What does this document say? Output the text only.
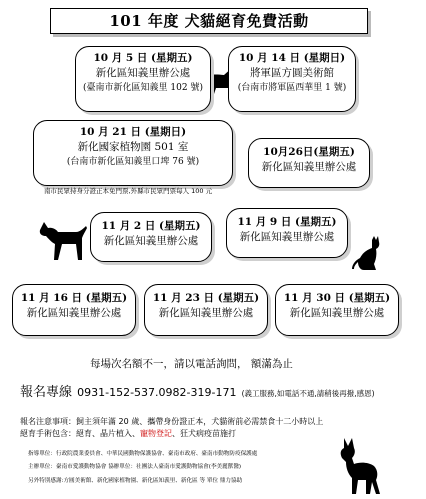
101 年度 犬貓絕育免費活動
10 月 5 日 (星期五)
新化區知義里辦公處
(臺南市新化區知義里 102 號)
10 月 14 日 (星期日)
將軍區方圓美術館
(台南市將軍區西華里 1 號)
10 月 21 日 (星期日)
新化國家植物園 501 室
(台南市新化區知義里口埤 76 號)
南市民眾持身分證正本免門票,外縣市民眾門票每人 100 元
10月26日(星期五)
新化區知義里辦公處
11 月 2 日 (星期五)
新化區知義里辦公處
11 月 9 日 (星期五)
新化區知義里辦公處
11 月 16 日 (星期五)
新化區知義里辦公處
11 月 23 日 (星期五)
新化區知義里辦公處
11 月 30 日 (星期五)
新化區知義里辦公處
每場次名額不一，請以電話詢問， 額滿為止
報名專線 0931-152-537.0982-319-171 (義工服務,如電話不通,請稍後再撥,感恩)
報名注意事項：飼主須年滿 20 歲、攜帶身份證正本，犬貓術前必需禁食十二小時以上
絕育手術包含：絕育、晶片植入、寵物登記、狂犬病疫苗施打
指導單位：行政院農業委員會、中華民國動物保護協會、臺南市政府、臺南市動物防疫保護處
主辦單位：臺南市愛護動物協會 協辦單位：社團法人臺南市愛護動物協會(李美麗獸醫)
另外特別感謝:方圓美術館、新化國家植物園、新化區知義里、新化區 等 單位 鼎力協助
